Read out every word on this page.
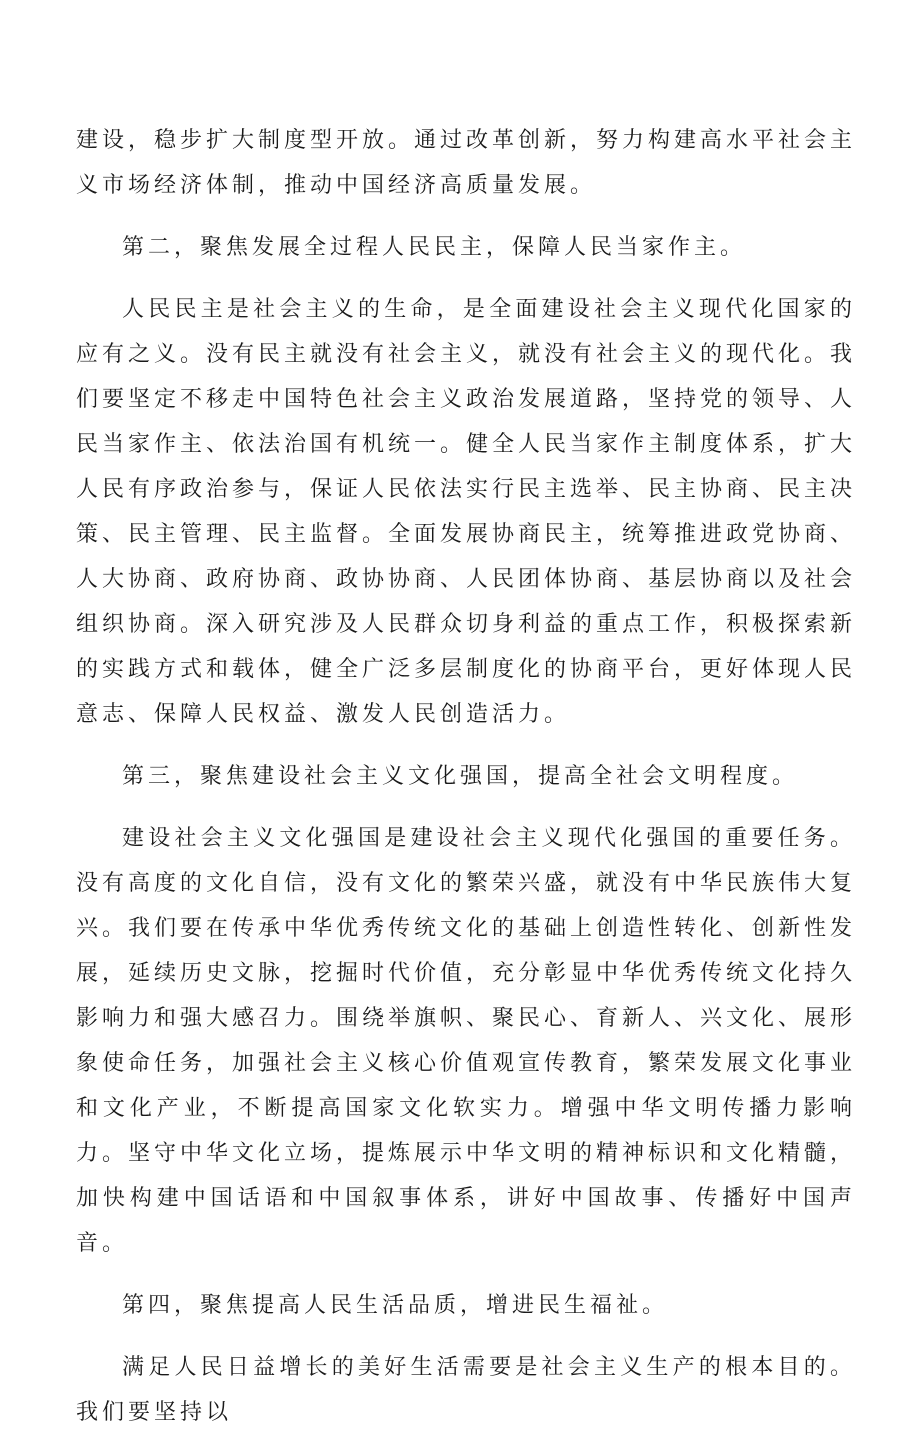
建设，稳步扩大制度型开放。通过改革创新，努力构建高水平社会主义市场经济体制，推动中国经济高质量发展。

第二，聚焦发展全过程人民民主，保障人民当家作主。

人民民主是社会主义的生命，是全面建设社会主义现代化国家的应有之义。没有民主就没有社会主义，就没有社会主义的现代化。我们要坚定不移走中国特色社会主义政治发展道路，坚持党的领导、人民当家作主、依法治国有机统一。健全人民当家作主制度体系，扩大人民有序政治参与，保证人民依法实行民主选举、民主协商、民主决策、民主管理、民主监督。全面发展协商民主，统筹推进政党协商、人大协商、政府协商、政协协商、人民团体协商、基层协商以及社会组织协商。深入研究涉及人民群众切身利益的重点工作，积极探索新的实践方式和载体，健全广泛多层制度化的协商平台，更好体现人民意志、保障人民权益、激发人民创造活力。

第三，聚焦建设社会主义文化强国，提高全社会文明程度。

建设社会主义文化强国是建设社会主义现代化强国的重要任务。没有高度的文化自信，没有文化的繁荣兴盛，就没有中华民族伟大复兴。我们要在传承中华优秀传统文化的基础上创造性转化、创新性发展，延续历史文脉，挖掘时代价值，充分彰显中华优秀传统文化持久影响力和强大感召力。围绕举旗帜、聚民心、育新人、兴文化、展形象使命任务，加强社会主义核心价值观宣传教育，繁荣发展文化事业和文化产业，不断提高国家文化软实力。增强中华文明传播力影响力。坚守中华文化立场，提炼展示中华文明的精神标识和文化精髓，加快构建中国话语和中国叙事体系，讲好中国故事、传播好中国声音。

第四，聚焦提高人民生活品质，增进民生福祉。

满足人民日益增长的美好生活需要是社会主义生产的根本目的。我们要坚持以
